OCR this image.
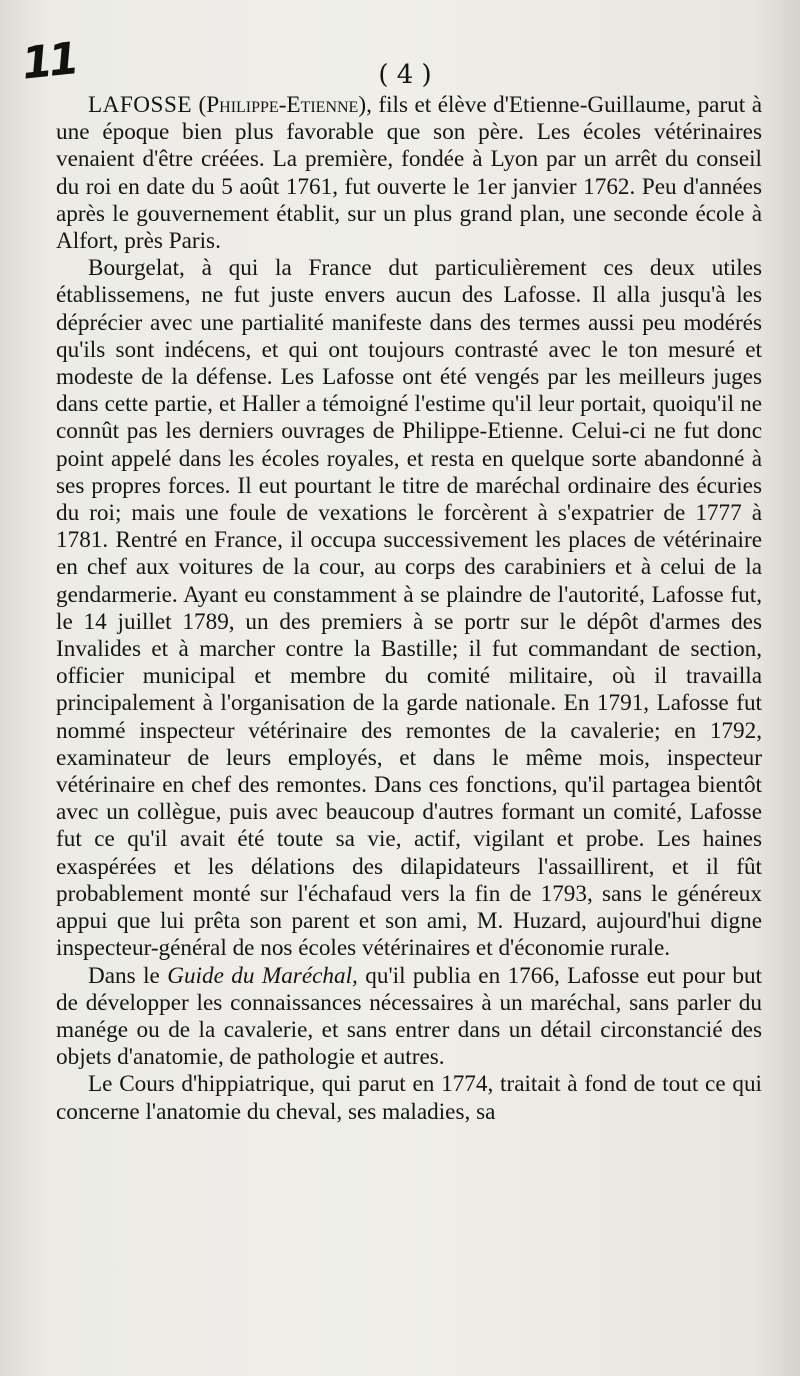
11	( 4 )

LAFOSSE (Philippe-Etienne), fils et élève d'Etienne-Guillaume, parut à une époque bien plus favorable que son père. Les écoles vétérinaires venaient d'être créées. La première, fondée à Lyon par un arrêt du conseil du roi en date du 5 août 1761, fut ouverte le 1er janvier 1762. Peu d'années après le gouvernement établit, sur un plus grand plan, une seconde école à Alfort, près Paris.

Bourgelat, à qui la France dut particulièrement ces deux utiles établissemens, ne fut juste envers aucun des Lafosse. Il alla jusqu'à les déprécier avec une partialité manifeste dans des termes aussi peu modérés qu'ils sont indécens, et qui ont toujours contrasté avec le ton mesuré et modeste de la défense. Les Lafosse ont été vengés par les meilleurs juges dans cette partie, et Haller a témoigné l'estime qu'il leur portait, quoiqu'il ne connût pas les derniers ouvrages de Philippe-Etienne. Celui-ci ne fut donc point appelé dans les écoles royales, et resta en quelque sorte abandonné à ses propres forces. Il eut pourtant le titre de maréchal ordinaire des écuries du roi; mais une foule de vexations le forcèrent à s'expatrier de 1777 à 1781. Rentré en France, il occupa successivement les places de vétérinaire en chef aux voitures de la cour, au corps des carabiniers et à celui de la gendarmerie. Ayant eu constamment à se plaindre de l'autorité, Lafosse fut, le 14 juillet 1789, un des premiers à se portr sur le dépôt d'armes des Invalides et à marcher contre la Bastille; il fut commandant de section, officier municipal et membre du comité militaire, où il travailla principalement à l'organisation de la garde nationale. En 1791, Lafosse fut nommé inspecteur vétérinaire des remontes de la cavalerie; en 1792, examinateur de leurs employés, et dans le même mois, inspecteur vétérinaire en chef des remontes. Dans ces fonctions, qu'il partagea bientôt avec un collègue, puis avec beaucoup d'autres formant un comité, Lafosse fut ce qu'il avait été toute sa vie, actif, vigilant et probe. Les haines exaspérées et les délations des dilapidateurs l'assaillirent, et il fût probablement monté sur l'échafaud vers la fin de 1793, sans le généreux appui que lui prêta son parent et son ami, M. Huzard, aujourd'hui digne inspecteur-général de nos écoles vétérinaires et d'économie rurale.

Dans le Guide du Maréchal, qu'il publia en 1766, Lafosse eut pour but de développer les connaissances nécessaires à un maréchal, sans parler du manége ou de la cavalerie, et sans entrer dans un détail circonstancié des objets d'anatomie, de pathologie et autres.

Le Cours d'hippiatrique, qui parut en 1774, traitait à fond de tout ce qui concerne l'anatomie du cheval, ses maladies, sa
